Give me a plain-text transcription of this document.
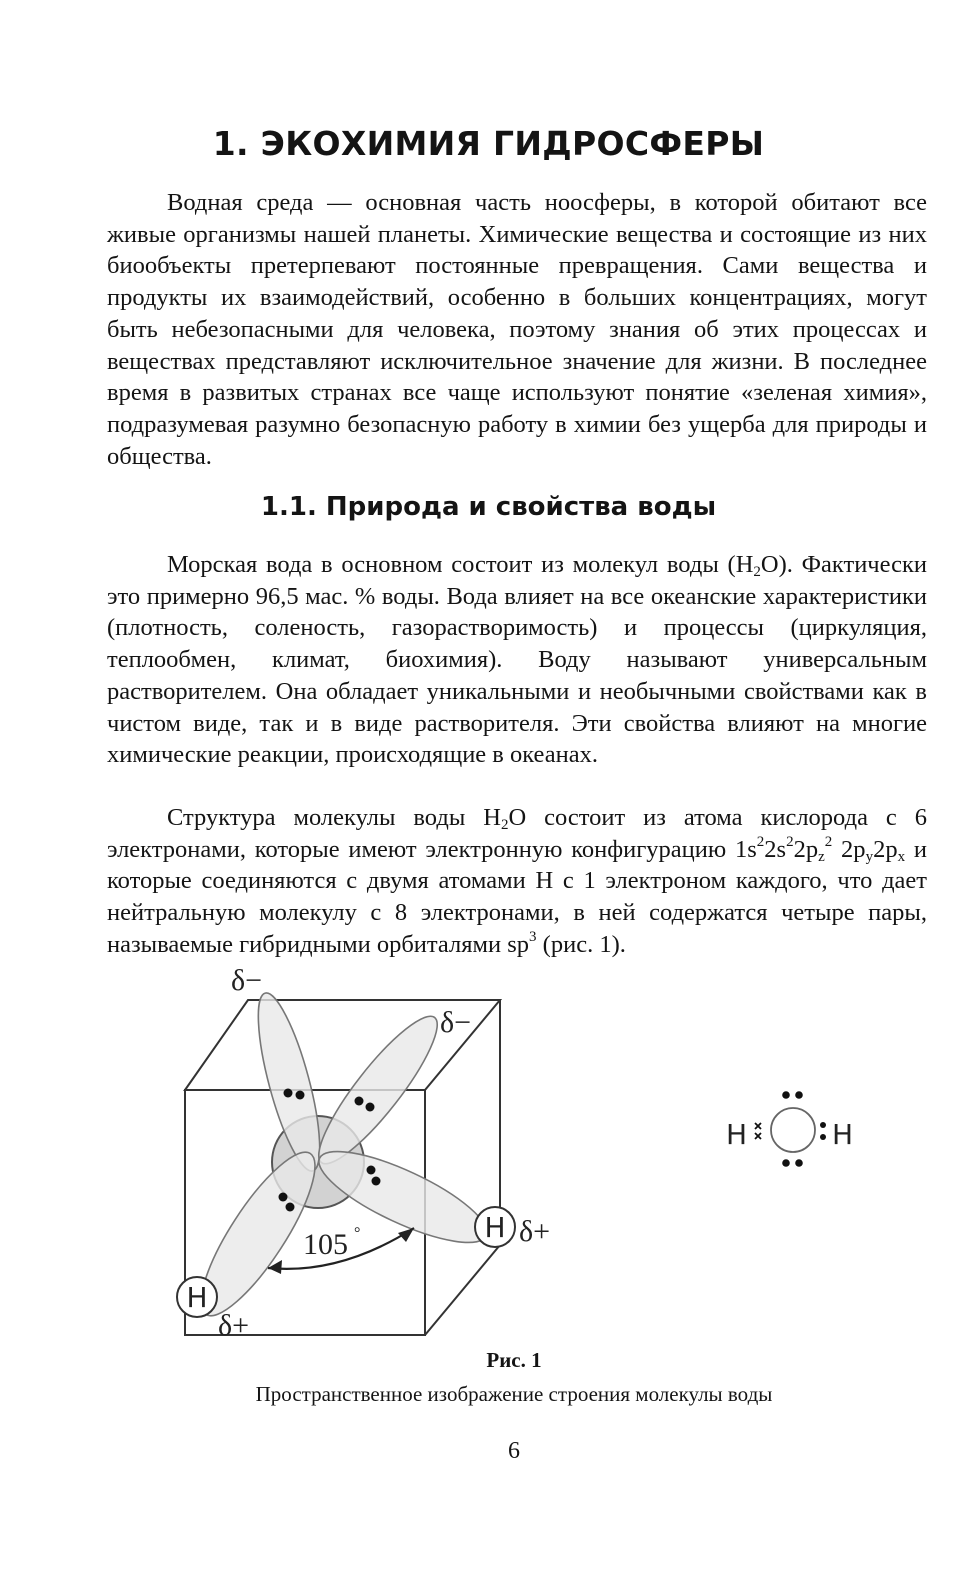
1. ЭКОХИМИЯ ГИДРОСФЕРЫ

Водная среда — основная часть ноосферы, в которой обитают все живые организмы нашей планеты. Химические вещества и состоящие из них биообъекты претерпевают постоянные превращения. Сами вещества и продукты их взаимодействий, особенно в больших концентрациях, могут быть небезопасными для человека, поэтому знания об этих процессах и веществах представляют исключительное значение для жизни. В последнее время в развитых странах все чаще используют понятие «зеленая химия», подразумевая разумно безопасную работу в химии без ущерба для природы и общества.

1.1. Природа и свойства воды

Морская вода в основном состоит из молекул воды $(H_2O)$. Фактически это примерно 96,5 мас. % воды. Вода влияет на все океанские характеристики (плотность, соленость, газорастворимость) и процессы (циркуляция, теплообмен, климат, биохимия). Воду называют универсальным растворителем. Она обладает уникальными и необычными свойствами как в чистом виде, так и в виде растворителя. Эти свойства влияют на многие химические реакции, происходящие в океанах.

Структура молекулы воды $H_2O$ состоит из атома кислорода с 6 электронами, которые имеют электронную конфигурацию $1s^22s^22p_z^2$ $2p_y2p_x$ и которые соединяются с двумя атомами H с 1 электроном каждого, что дает нейтральную молекулу с 8 электронами, в ней содержатся четыре пары, называемые гибридными орбиталями $sp^3$ (рис. 1).

H
H
105 °
δ−
δ−
δ+
δ+
H	H

Рис. 1

Пространственное изображение строения молекулы воды

6
